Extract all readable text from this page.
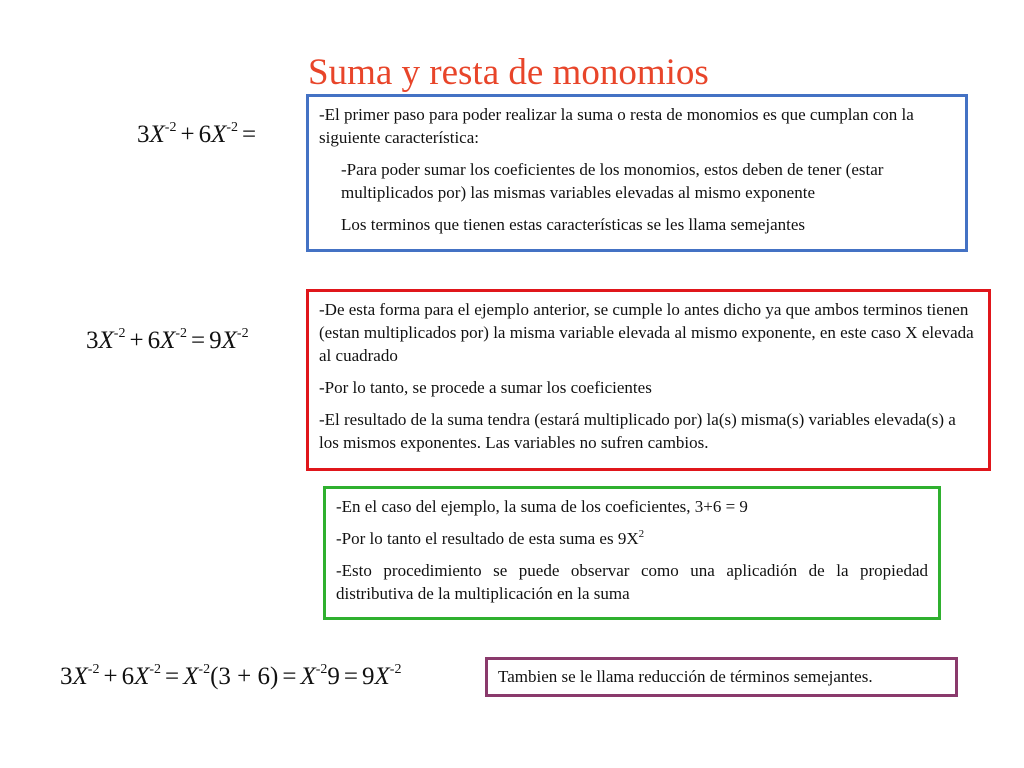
Suma y resta de monomios
$3X^{-2} + 6X^{-2}$ =

-El primer paso para poder realizar la suma o resta de monomios es que cumplan con la siguiente característica:

-Para poder sumar los coeficientes de los monomios, estos deben de tener (estar multiplicados por) las mismas variables elevadas al mismo exponente

Los terminos que tienen estas características se les llama semejantes

$3X^{-2} + 6X^{-2} = 9X^{-2}$

-De esta forma para el ejemplo anterior, se cumple lo antes dicho ya que ambos terminos tienen (estan multiplicados por) la misma variable elevada al mismo exponente, en este caso X elevada al cuadrado

-Por lo tanto, se procede a sumar los coeficientes

-El resultado de la suma tendra (estará multiplicado por) la(s) misma(s) variables elevada(s) a los mismos exponentes. Las variables no sufren cambios.

-En el caso del ejemplo, la suma de los coeficientes, 3+6 = 9

-Por lo tanto el resultado de esta suma es $9X^2$

-Esto procedimiento se puede observar como una aplicadión de la propiedad distributiva de la multiplicación en la suma

$3X^{-2} + 6X^{-2} = X^{-2}(3 + 6) = X^{-2}9 = 9X^{-2}$	Tambien se le llama reducción de términos semejantes.
